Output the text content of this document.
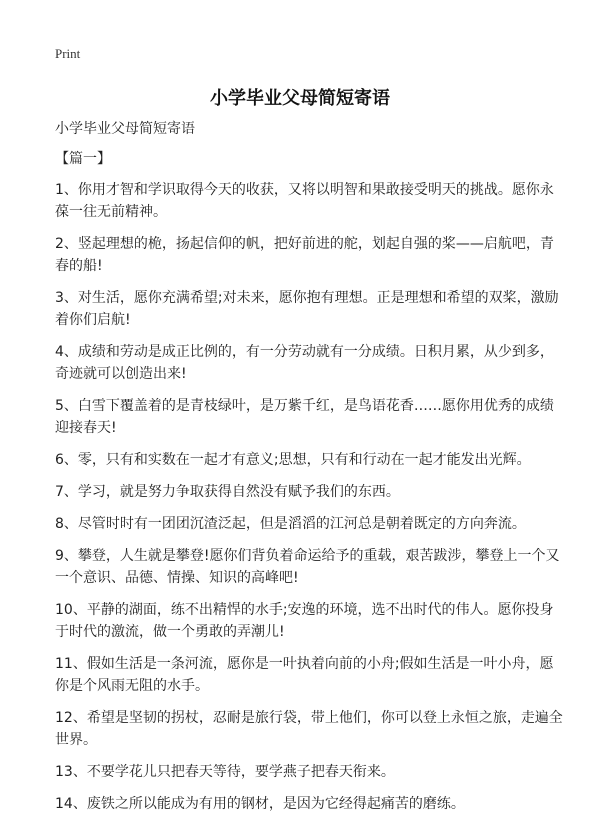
Print
小学毕业父母简短寄语
小学毕业父母简短寄语
【篇一】
1、你用才智和学识取得今天的收获，又将以明智和果敢接受明天的挑战。愿你永
葆一往无前精神。
2、竖起理想的桅，扬起信仰的帆，把好前进的舵，划起自强的桨——启航吧，青
春的船!
3、对生活，愿你充满希望;对未来，愿你抱有理想。正是理想和希望的双桨，激励
着你们启航!
4、成绩和劳动是成正比例的，有一分劳动就有一分成绩。日积月累，从少到多，
奇迹就可以创造出来!
5、白雪下覆盖着的是青枝绿叶，是万紫千红，是鸟语花香……愿你用优秀的成绩
迎接春天!
6、零，只有和实数在一起才有意义;思想，只有和行动在一起才能发出光辉。
7、学习，就是努力争取获得自然没有赋予我们的东西。
8、尽管时时有一团团沉渣泛起，但是滔滔的江河总是朝着既定的方向奔流。
9、攀登，人生就是攀登!愿你们背负着命运给予的重载，艰苦跋涉，攀登上一个又
一个意识、品德、情操、知识的高峰吧!
10、平静的湖面，练不出精悍的水手;安逸的环境，选不出时代的伟人。愿你投身
于时代的激流，做一个勇敢的弄潮儿!
11、假如生活是一条河流，愿你是一叶执着向前的小舟;假如生活是一叶小舟，愿
你是个风雨无阻的水手。
12、希望是坚韧的拐杖，忍耐是旅行袋，带上他们，你可以登上永恒之旅，走遍全
世界。
13、不要学花儿只把春天等待，要学燕子把春天衔来。
14、废铁之所以能成为有用的钢材，是因为它经得起痛苦的磨练。
